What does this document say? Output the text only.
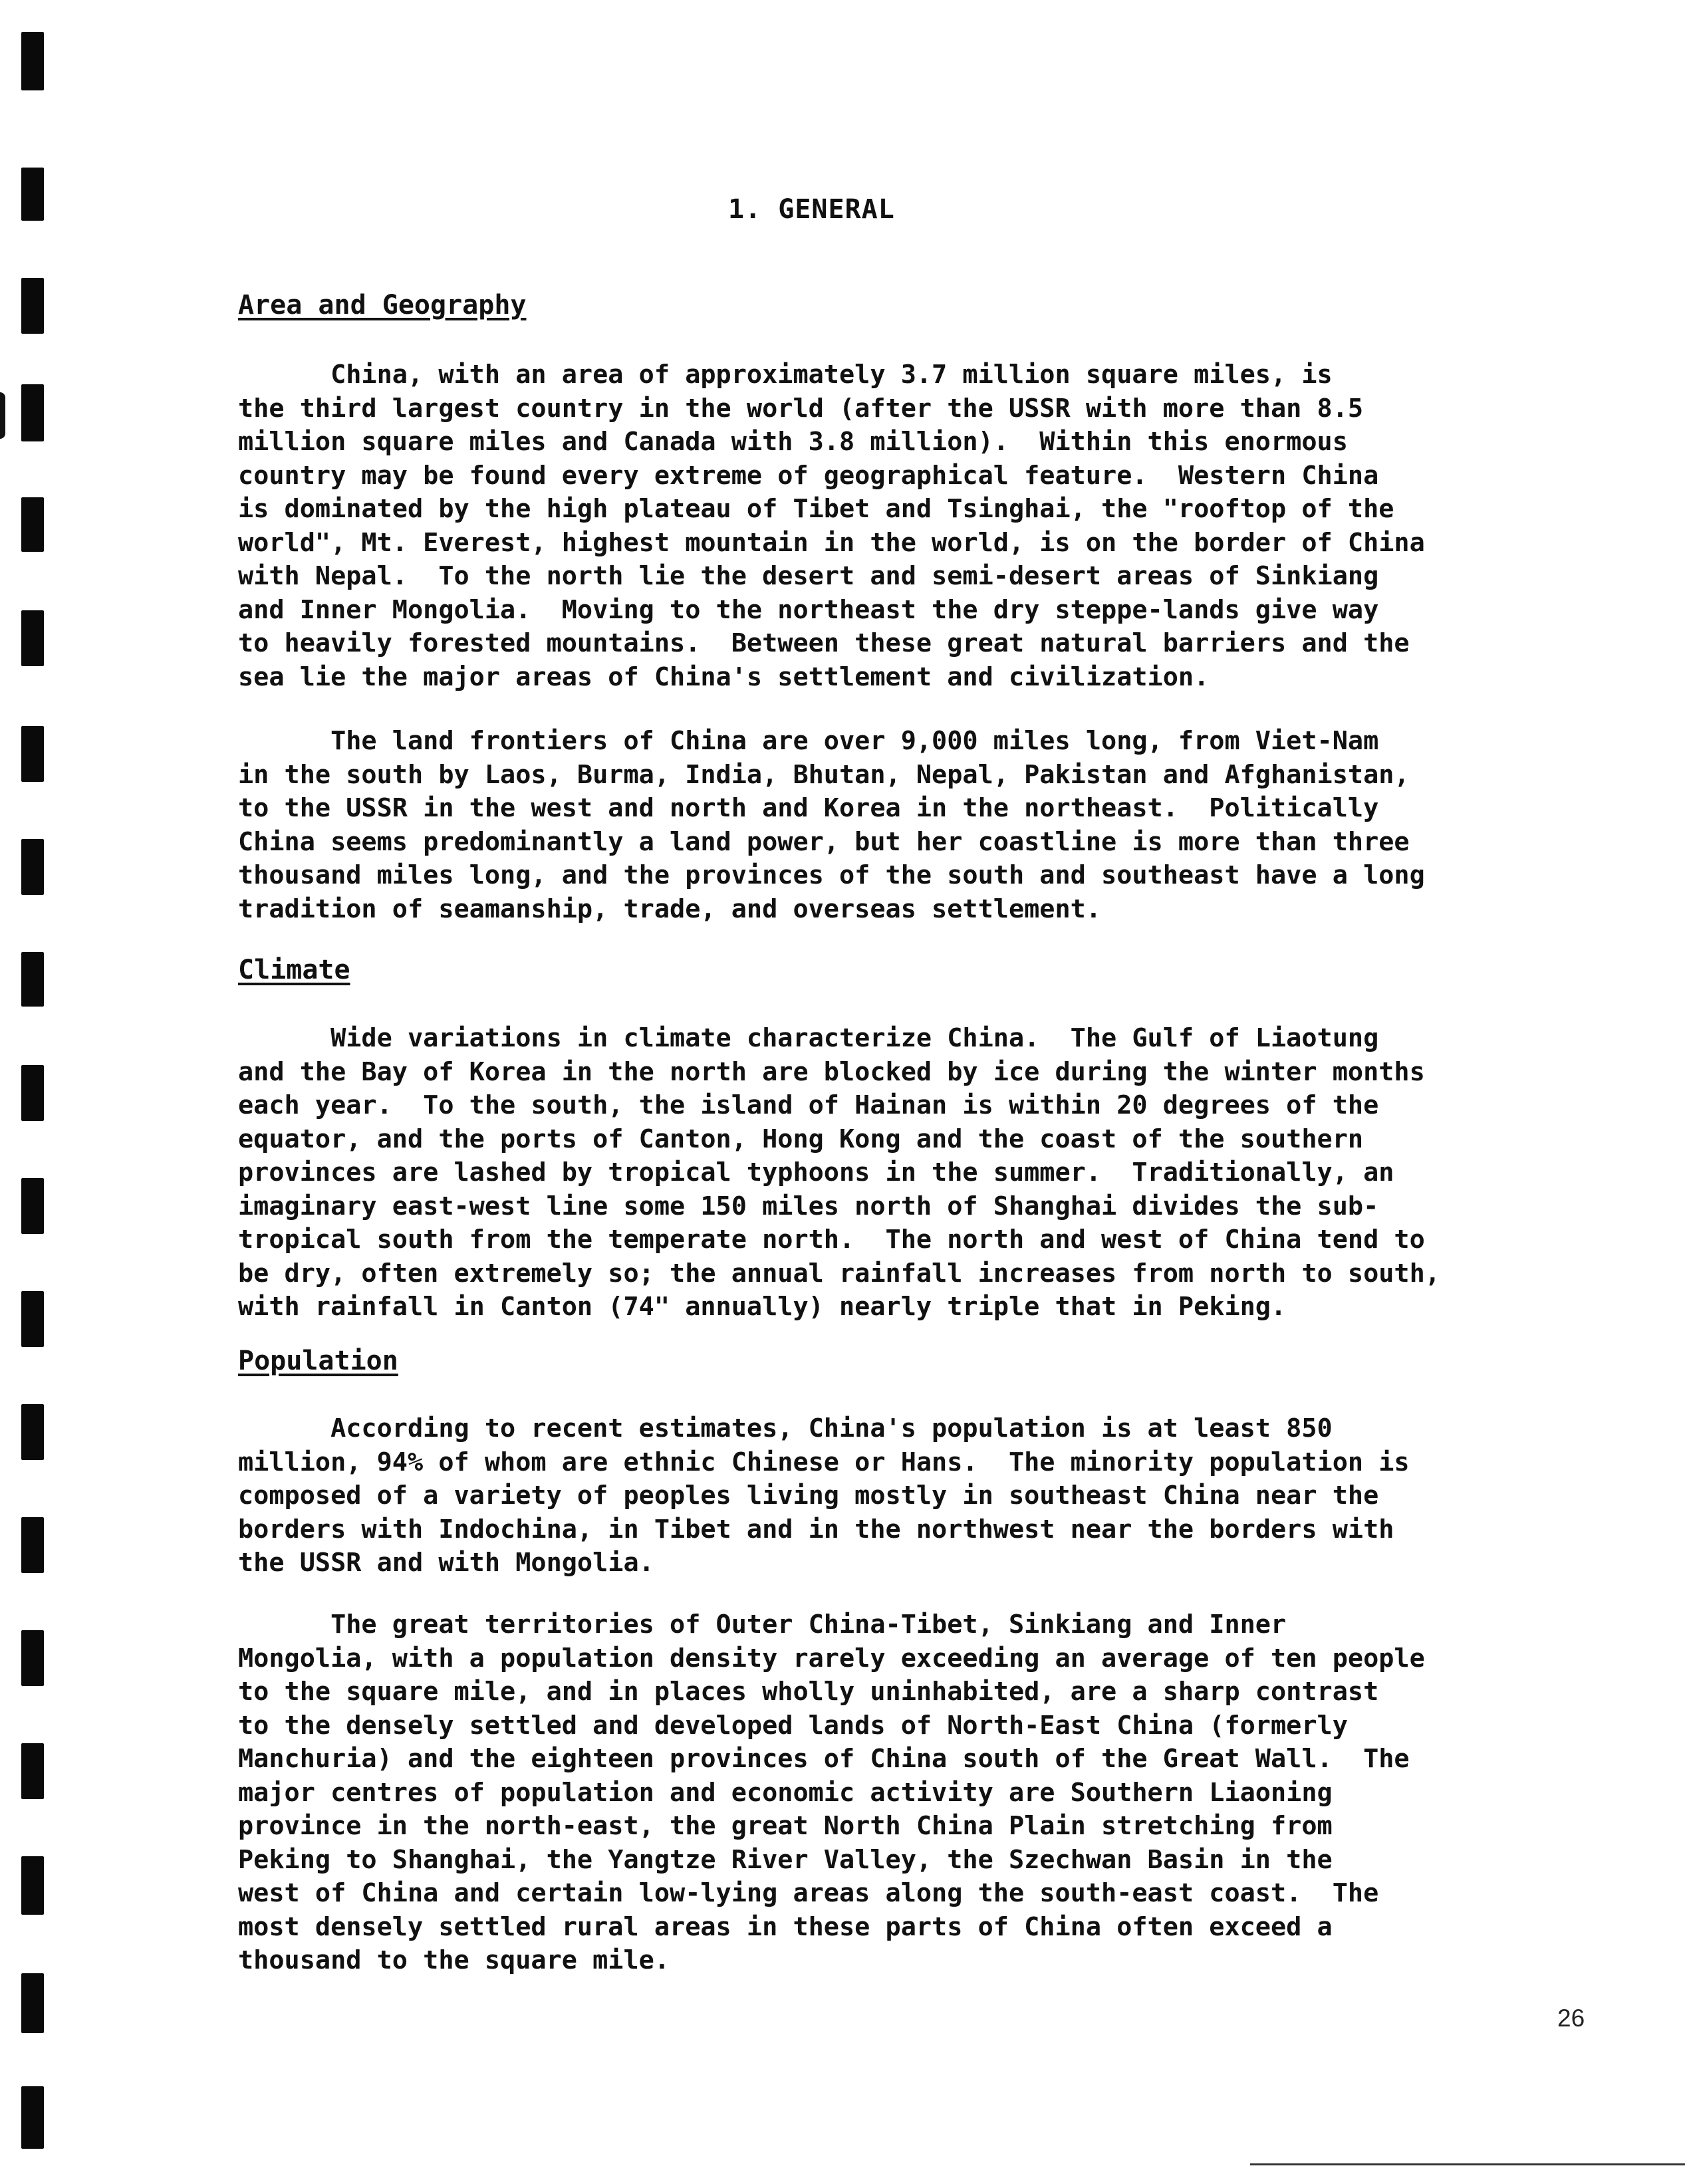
1. GENERAL
Area and Geography

China, with an area of approximately 3.7 million square miles, is
the third largest country in the world (after the USSR with more than 8.5
million square miles and Canada with 3.8 million).  Within this enormous
country may be found every extreme of geographical feature.  Western China
is dominated by the high plateau of Tibet and Tsinghai, the "rooftop of the
world", Mt. Everest, highest mountain in the world, is on the border of China
with Nepal.  To the north lie the desert and semi-desert areas of Sinkiang
and Inner Mongolia.  Moving to the northeast the dry steppe-lands give way
to heavily forested mountains.  Between these great natural barriers and the
sea lie the major areas of China's settlement and civilization.

The land frontiers of China are over 9,000 miles long, from Viet-Nam
in the south by Laos, Burma, India, Bhutan, Nepal, Pakistan and Afghanistan,
to the USSR in the west and north and Korea in the northeast.  Politically
China seems predominantly a land power, but her coastline is more than three
thousand miles long, and the provinces of the south and southeast have a long
tradition of seamanship, trade, and overseas settlement.

Climate

Wide variations in climate characterize China.  The Gulf of Liaotung
and the Bay of Korea in the north are blocked by ice during the winter months
each year.  To the south, the island of Hainan is within 20 degrees of the
equator, and the ports of Canton, Hong Kong and the coast of the southern
provinces are lashed by tropical typhoons in the summer.  Traditionally, an
imaginary east-west line some 150 miles north of Shanghai divides the sub-
tropical south from the temperate north.  The north and west of China tend to
be dry, often extremely so; the annual rainfall increases from north to south,
with rainfall in Canton (74" annually) nearly triple that in Peking.

Population

According to recent estimates, China's population is at least 850
million, 94% of whom are ethnic Chinese or Hans.  The minority population is
composed of a variety of peoples living mostly in southeast China near the
borders with Indochina, in Tibet and in the northwest near the borders with
the USSR and with Mongolia.

The great territories of Outer China-Tibet, Sinkiang and Inner
Mongolia, with a population density rarely exceeding an average of ten people
to the square mile, and in places wholly uninhabited, are a sharp contrast
to the densely settled and developed lands of North-East China (formerly
Manchuria) and the eighteen provinces of China south of the Great Wall.  The
major centres of population and economic activity are Southern Liaoning
province in the north-east, the great North China Plain stretching from
Peking to Shanghai, the Yangtze River Valley, the Szechwan Basin in the
west of China and certain low-lying areas along the south-east coast.  The
most densely settled rural areas in these parts of China often exceed a
thousand to the square mile.

26
